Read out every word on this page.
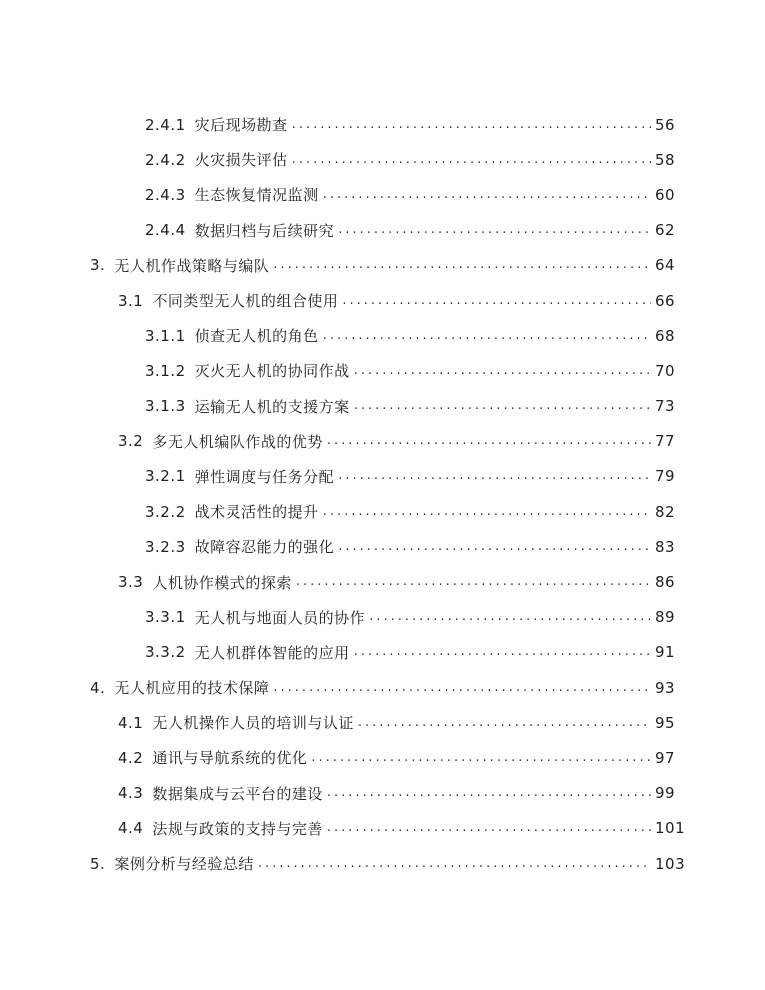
2.4.1 灾后现场勘查 .....	56
2.4.2 火灾损失评估 .....	58
2.4.3 生态恢复情况监测 .....	60
2.4.4 数据归档与后续研究 .....	62
3. 无人机作战策略与编队 .....	64
3.1 不同类型无人机的组合使用 .....	66
3.1.1 侦查无人机的角色 .....	68
3.1.2 灭火无人机的协同作战 .....	70
3.1.3 运输无人机的支援方案 .....	73
3.2 多无人机编队作战的优势 .....	77
3.2.1 弹性调度与任务分配 .....	79
3.2.2 战术灵活性的提升 .....	82
3.2.3 故障容忍能力的强化 .....	83
3.3 人机协作模式的探索 .....	86
3.3.1 无人机与地面人员的协作 .....	89
3.3.2 无人机群体智能的应用 .....	91
4. 无人机应用的技术保障 .....	93
4.1 无人机操作人员的培训与认证 .....	95
4.2 通讯与导航系统的优化 .....	97
4.3 数据集成与云平台的建设 .....	99
4.4 法规与政策的支持与完善 .....	101
5. 案例分析与经验总结 .....	103
